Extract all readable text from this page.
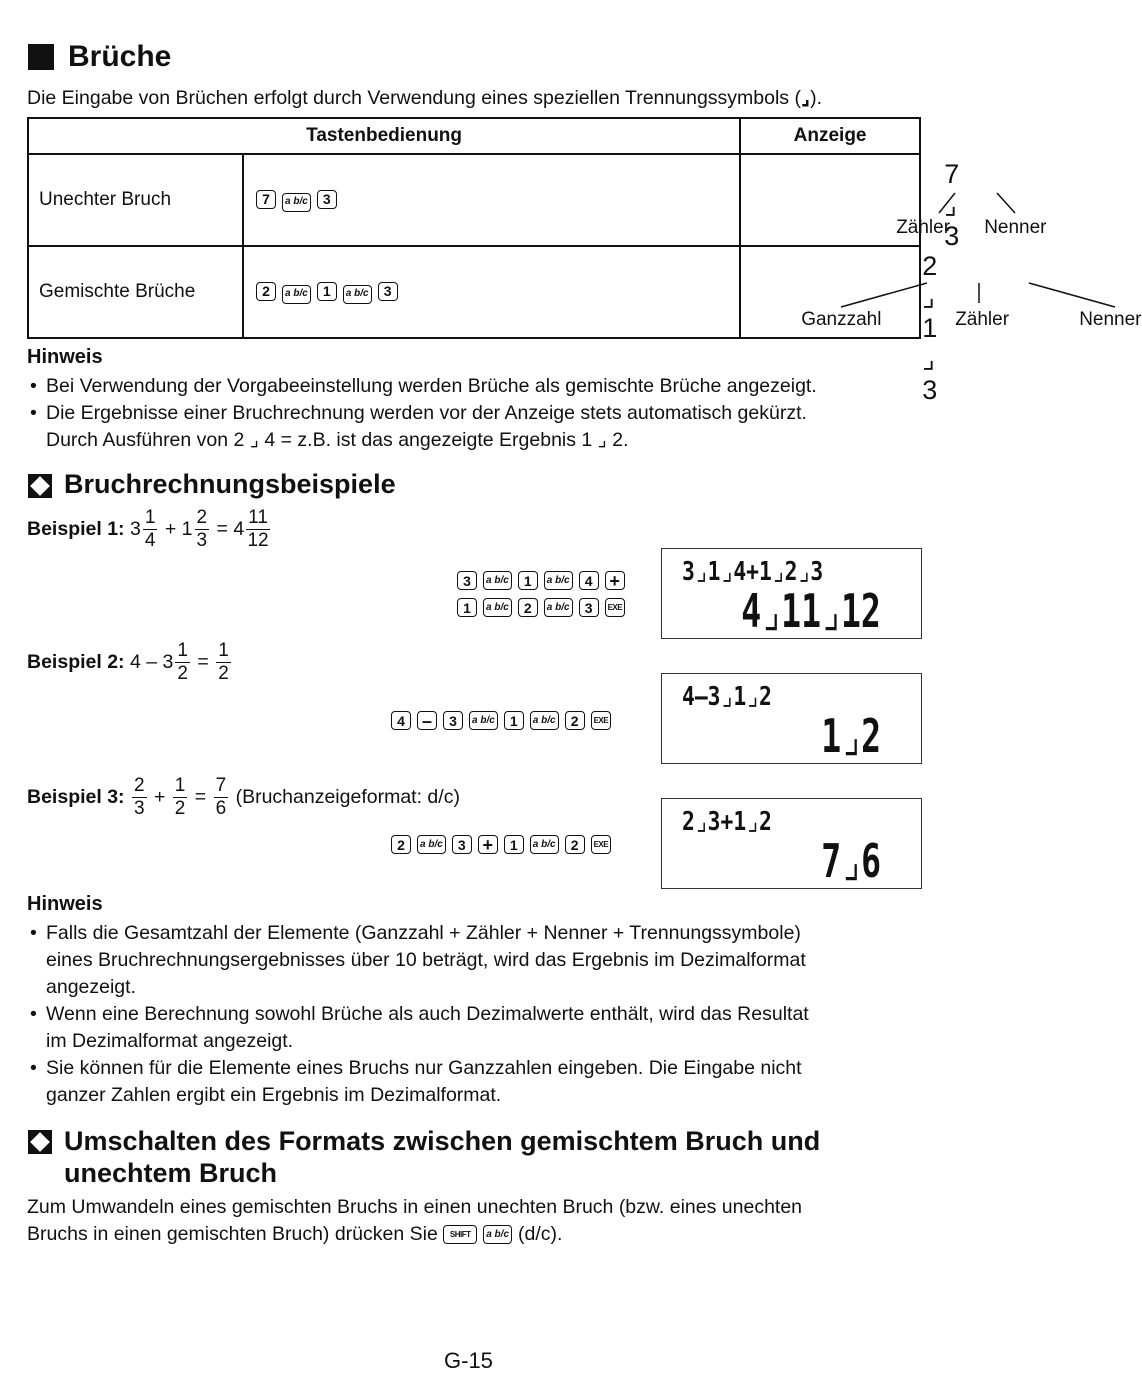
Brüche
Die Eingabe von Brüchen erfolgt durch Verwendung eines speziellen Trennungssymbols (⌟).
Tastenbedienung		Anzeige
Unechter Bruch	7 a b/c 3	7 ⌟ 3
Zähler Nenner

Gemischte Brüche	2 a b/c 1 a b/c 3	2 ⌟ 1 ⌟ 3
Ganzzahl Zähler Nenner
Hinweis
• Bei Verwendung der Vorgabeeinstellung werden Brüche als gemischte Brüche angezeigt.
• Die Ergebnisse einer Bruchrechnung werden vor der Anzeige stets automatisch gekürzt.
Durch Ausführen von 2 ⌟ 4 = z.B. ist das angezeigte Ergebnis 1 ⌟ 2.
Bruchrechnungsbeispiele
Beispiel 1:
$3 \frac{1}{4}$
+
$1 \frac{2}{3}$
=
$4 \frac{11}{12}$
3	a b/c	1	a b/c	4 +
1	a b/c	2	a b/c	3	EXE
3⌟1⌟4+1⌟2⌟3
4⌟11⌟12
Beispiel 2:
4
–
$3 \frac{1}{2}$
=
$\frac{1}{2}$
4 –	3	a b/c	1	a b/c	2	EXE
4–3⌟1⌟2
1⌟2
Beispiel 3:
$\frac{2}{3}$
+
$\frac{1}{2}$
=
$\frac{7}{6}$
(Bruchanzeigeformat: d/c)
2	a b/c	3 +	1	a b/c	2	EXE
2⌟3+1⌟2
7⌟6
Hinweis
• Falls die Gesamtzahl der Elemente (Ganzzahl + Zähler + Nenner + Trennungssymbole)
eines Bruchrechnungsergebnisses über 10 beträgt, wird das Ergebnis im Dezimalformat
angezeigt.
• Wenn eine Berechnung sowohl Brüche als auch Dezimalwerte enthält, wird das Resultat
im Dezimalformat angezeigt.
• Sie können für die Elemente eines Bruchs nur Ganzzahlen eingeben. Die Eingabe nicht
ganzer Zahlen ergibt ein Ergebnis im Dezimalformat.
Umschalten des Formats zwischen gemischtem Bruch und
unechtem Bruch
Zum Umwandeln eines gemischten Bruchs in einen unechten Bruch (bzw. eines unechten
Bruchs in einen gemischten Bruch) drücken Sie
	SHIFT	a b/c (d/c).
G-15
